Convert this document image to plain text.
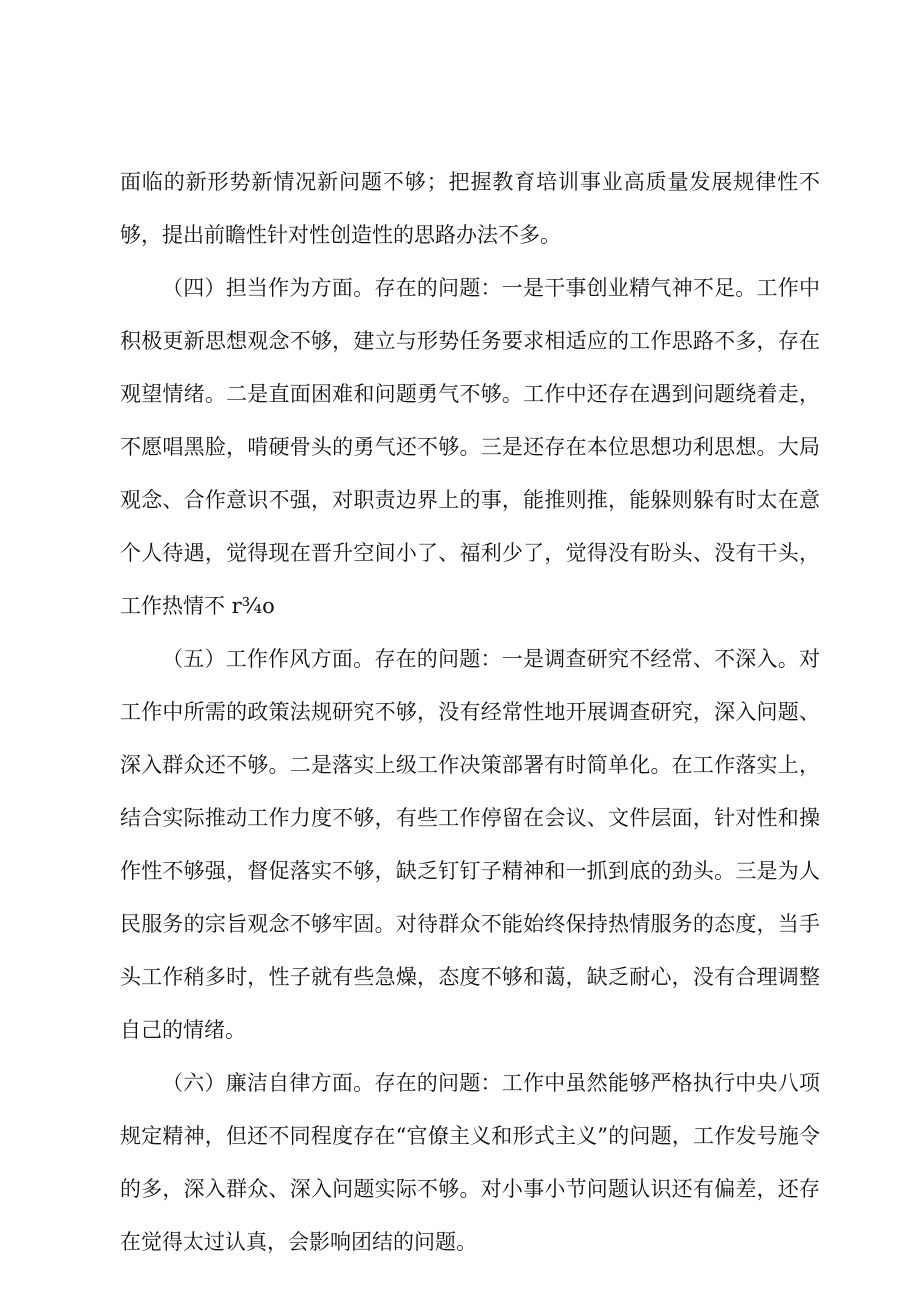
面临的新形势新情况新问题不够；把握教育培训事业高质量发展规律性不够，提出前瞻性针对性创造性的思路办法不多。

（四）担当作为方面。存在的问题：一是干事创业精气神不足。工作中积极更新思想观念不够，建立与形势任务要求相适应的工作思路不多，存在观望情绪。二是直面困难和问题勇气不够。工作中还存在遇到问题绕着走，不愿唱黑脸，啃硬骨头的勇气还不够。三是还存在本位思想功利思想。大局观念、合作意识不强，对职责边界上的事，能推则推，能躲则躲有时太在意个人待遇，觉得现在晋升空间小了、福利少了，觉得没有盼头、没有干头，工作热情不 r¾o

（五）工作作风方面。存在的问题：一是调查研究不经常、不深入。对工作中所需的政策法规研究不够，没有经常性地开展调查研究，深入问题、深入群众还不够。二是落实上级工作决策部署有时简单化。在工作落实上，结合实际推动工作力度不够，有些工作停留在会议、文件层面，针对性和操作性不够强，督促落实不够，缺乏钉钉子精神和一抓到底的劲头。三是为人民服务的宗旨观念不够牢固。对待群众不能始终保持热情服务的态度，当手头工作稍多时，性子就有些急燥，态度不够和蔼，缺乏耐心，没有合理调整自己的情绪。

（六）廉洁自律方面。存在的问题：工作中虽然能够严格执行中央八项规定精神，但还不同程度存在“官僚主义和形式主义”的问题，工作发号施令的多，深入群众、深入问题实际不够。对小事小节问题认识还有偏差，还存在觉得太过认真，会影响团结的问题。
